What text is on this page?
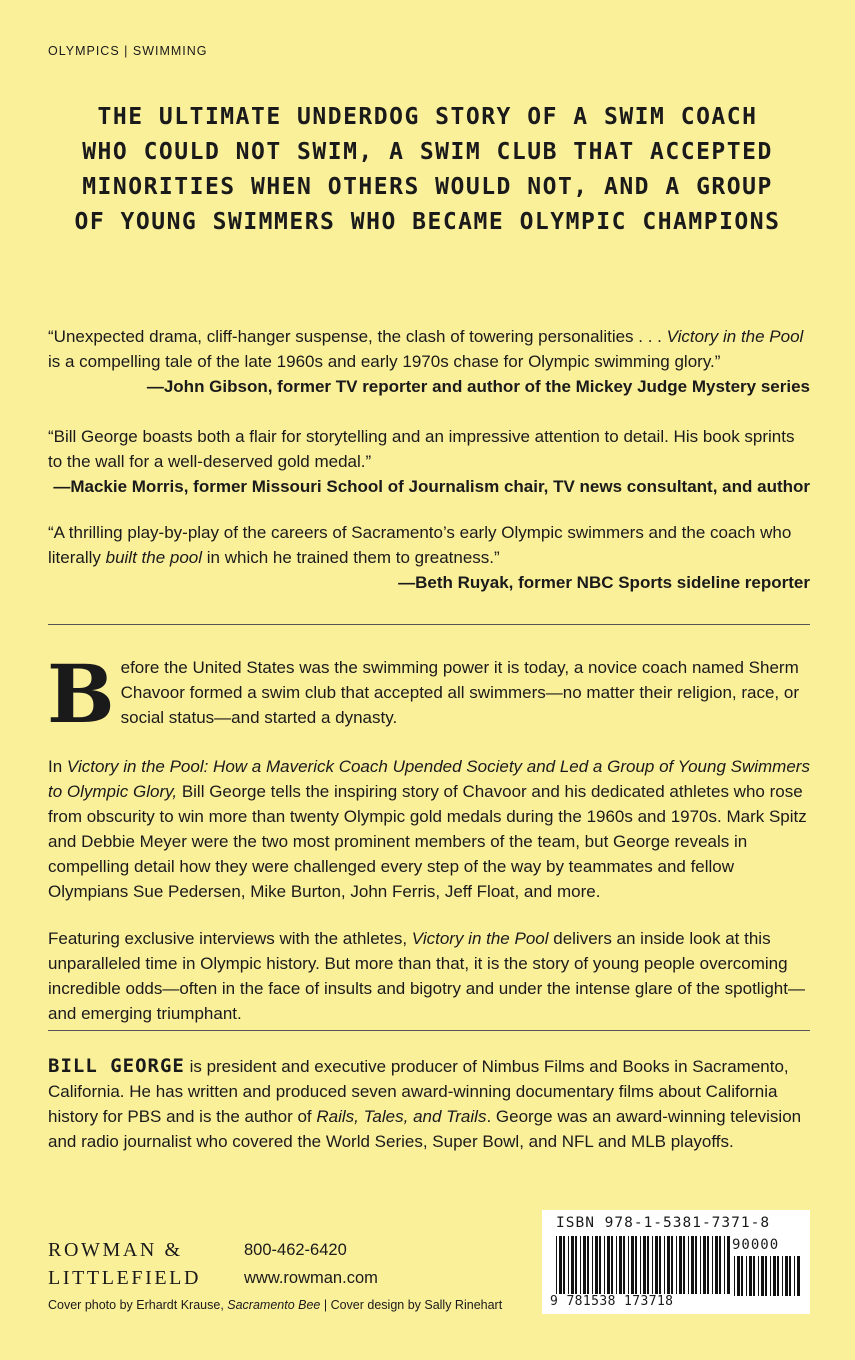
OLYMPICS | SWIMMING
THE ULTIMATE UNDERDOG STORY OF A SWIM COACH WHO COULD NOT SWIM, A SWIM CLUB THAT ACCEPTED MINORITIES WHEN OTHERS WOULD NOT, AND A GROUP OF YOUNG SWIMMERS WHO BECAME OLYMPIC CHAMPIONS
“Unexpected drama, cliff-hanger suspense, the clash of towering personalities . . . Victory in the Pool is a compelling tale of the late 1960s and early 1970s chase for Olympic swimming glory.”
—John Gibson, former TV reporter and author of the Mickey Judge Mystery series
“Bill George boasts both a flair for storytelling and an impressive attention to detail. His book sprints to the wall for a well-deserved gold medal.”
—Mackie Morris, former Missouri School of Journalism chair, TV news consultant, and author
“A thrilling play-by-play of the careers of Sacramento’s early Olympic swimmers and the coach who literally built the pool in which he trained them to greatness.”
—Beth Ruyak, former NBC Sports sideline reporter

Before the United States was the swimming power it is today, a novice coach named Sherm Chavoor formed a swim club that accepted all swimmers—no matter their religion, race, or social status—and started a dynasty.

In Victory in the Pool: How a Maverick Coach Upended Society and Led a Group of Young Swimmers to Olympic Glory, Bill George tells the inspiring story of Chavoor and his dedicated athletes who rose from obscurity to win more than twenty Olympic gold medals during the 1960s and 1970s. Mark Spitz and Debbie Meyer were the two most prominent members of the team, but George reveals in compelling detail how they were challenged every step of the way by teammates and fellow Olympians Sue Pedersen, Mike Burton, John Ferris, Jeff Float, and more.

Featuring exclusive interviews with the athletes, Victory in the Pool delivers an inside look at this unparalleled time in Olympic history. But more than that, it is the story of young people overcoming incredible odds—often in the face of insults and bigotry and under the intense glare of the spotlight—and emerging triumphant.

BILL GEORGE is president and executive producer of Nimbus Films and Books in Sacramento, California. He has written and produced seven award-winning documentary films about California history for PBS and is the author of Rails, Tales, and Trails. George was an award-winning television and radio journalist who covered the World Series, Super Bowl, and NFL and MLB playoffs.

ROWMAN &
LITTLEFIELD
800-462-6420
www.rowman.com
Cover photo by Erhardt Krause, Sacramento Bee | Cover design by Sally Rinehart
ISBN 978-1-5381-7371-8
90000
9 781538 173718
